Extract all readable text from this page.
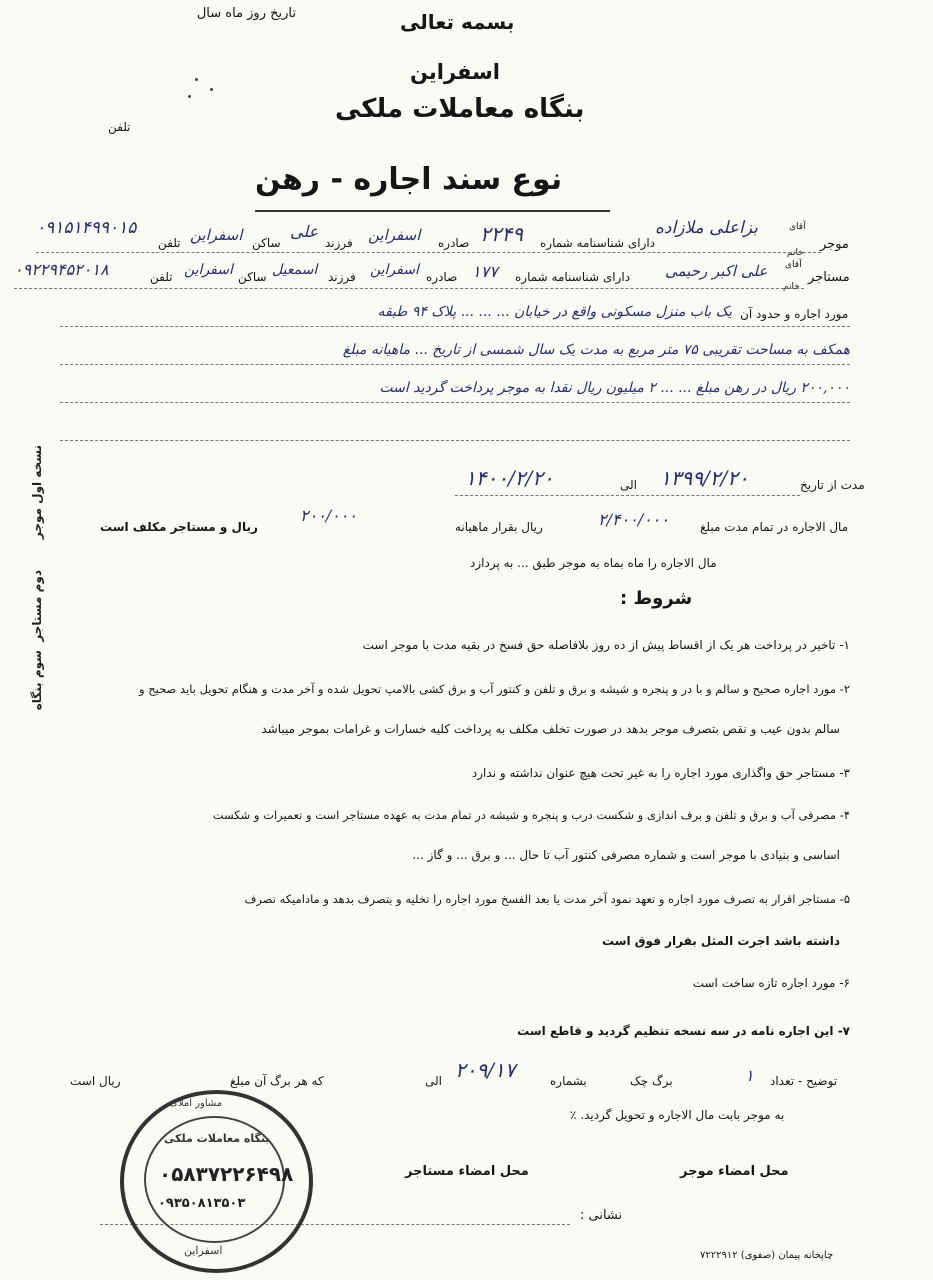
تاریخ روز ماه سال	بسمه تعالی
اسفراین
بنگاه معاملات ملکی
تلفن
نوع سند اجاره - رهن
موجر
آقای
خانم
بزاعلی ملازاده
دارای شناسنامه شماره
۲۲۴۹
صادره
اسفراین
فرزند
علی
ساکن
اسفراین
تلفن
۰۹۱۵۱۴۹۹۰۱۵
مستاجر
آقای
خانم
علی اکبر رحیمی
دارای شناسنامه شماره
۱۷۷
صادره
اسفراین
فرزند
اسمعیل
ساکن
اسفراین
تلفن
۰۹۲۲۹۴۵۲۰۱۸
مورد اجاره و حدود آن
یک باب منزل مسکونی واقع در خیابان ... ... ... پلاک ۹۴ طبقه
همکف به مساحت تقریبی ۷۵ متر مربع به مدت یک سال شمسی از تاریخ ... ماهیانه مبلغ
۲۰۰,۰۰۰ ریال در رهن مبلغ ... ... ۲ میلیون ریال نقدا به موجر پرداخت گردید است
نسخه اول موجر
دوم مستاجر
سوم بنگاه
مدت از تاریخ
۱۳۹۹/۲/۲۰
الی
۱۴۰۰/۲/۲۰
مال الاجاره در تمام مدت مبلغ
۲/۴۰۰/۰۰۰
ریال بقرار ماهیانه
۲۰۰/۰۰۰
ریال و مستاجر مکلف است
مال الاجاره را ماه بماه به موجر طبق ... به پردازد
شروط :
۱- تاخیر در پرداخت هر یک از اقساط پیش از ده روز بلافاصله حق فسخ در بقیه مدت با موجر است
۲- مورد اجاره صحیح و سالم و با در و پنجره و شیشه و برق و تلفن و کنتور آب و برق کشی بالامپ تحویل شده و آخر مدت و هنگام تحویل باید صحیح و
سالم بدون عیب و نقص بتصرف موجر بدهد در صورت تخلف مکلف به پرداخت کلیه خسارات و غرامات بموجر میباشد
۳- مستاجر حق واگذاری مورد اجاره را به غیر تحت هیچ عنوان نداشته و ندارد
۴- مصرفی آب و برق و تلفن و برف اندازی و شکست درب و پنجره و شیشه در تمام مدت به عهده مستاجر است و تعمیرات و شکست
اساسی و بنیادی با موجر است و شماره مصرفی کنتور آب تا حال ... و برق ... و گاز ...
۵- مستاجر اقرار به تصرف مورد اجاره و تعهد نمود آخر مدت یا بعد الفسخ مورد اجاره را تخلیه و بتصرف بدهد و مادامیکه تصرف
داشته باشد اجرت المثل بقرار فوق است
۶- مورد اجاره تازه ساخت است
۷- این اجاره نامه در سه نسخه تنظیم گردید و قاطع است
توضیح - تعداد
۱
برگ چک
بشماره
۲۰۹/۱۷
الی
که هر برگ آن مبلغ
ریال است
به موجر بابت مال الاجاره و تحویل گردید. ٪
محل امضاء موجر
محل امضاء مستاجر
نشانی :
چاپخانه پیمان (صفوی) ۷۲۲۲۹۱۲
مشاور املاک
بنگاه معاملات ملکی
۰۵۸۳۷۲۲۶۴۹۸
۰۹۳۵۰۸۱۳۵۰۳
اسفراین
